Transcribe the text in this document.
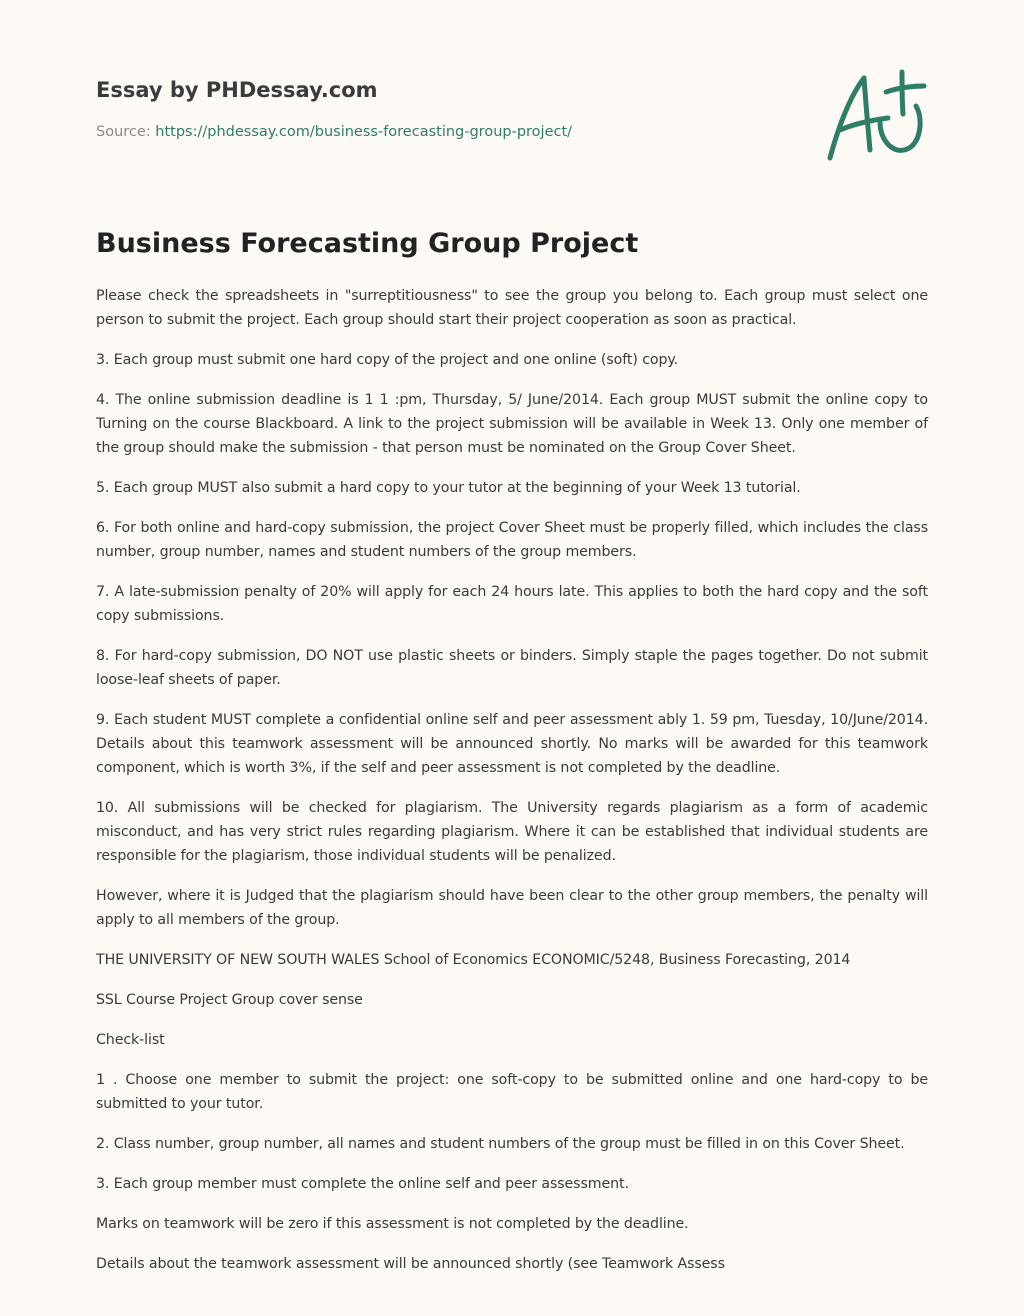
Essay by PHDessay.com
Source: https://phdessay.com/business-forecasting-group-project/
Business Forecasting Group Project

Please check the spreadsheets in "surreptitiousness" to see the group you belong to. Each group must select one person to submit the project. Each group should start their project cooperation as soon as practical.

3. Each group must submit one hard copy of the project and one online (soft) copy.

4. The online submission deadline is 1 1 :pm, Thursday, 5/ June/2014. Each group MUST submit the online copy to Turning on the course Blackboard. A link to the project submission will be available in Week 13. Only one member of the group should make the submission - that person must be nominated on the Group Cover Sheet.

5. Each group MUST also submit a hard copy to your tutor at the beginning of your Week 13 tutorial.

6. For both online and hard-copy submission, the project Cover Sheet must be properly filled, which includes the class number, group number, names and student numbers of the group members.

7. A late-submission penalty of 20% will apply for each 24 hours late. This applies to both the hard copy and the soft copy submissions.

8. For hard-copy submission, DO NOT use plastic sheets or binders. Simply staple the pages together. Do not submit loose-leaf sheets of paper.

9. Each student MUST complete a confidential online self and peer assessment ably 1. 59 pm, Tuesday, 10/June/2014. Details about this teamwork assessment will be announced shortly. No marks will be awarded for this teamwork component, which is worth 3%, if the self and peer assessment is not completed by the deadline.

10. All submissions will be checked for plagiarism. The University regards plagiarism as a form of academic misconduct, and has very strict rules regarding plagiarism. Where it can be established that individual students are responsible for the plagiarism, those individual students will be penalized.

However, where it is Judged that the plagiarism should have been clear to the other group members, the penalty will apply to all members of the group.

THE UNIVERSITY OF NEW SOUTH WALES School of Economics ECONOMIC/5248, Business Forecasting, 2014

SSL Course Project Group cover sense

Check-list

1 . Choose one member to submit the project: one soft-copy to be submitted online and one hard-copy to be submitted to your tutor.

2. Class number, group number, all names and student numbers of the group must be filled in on this Cover Sheet.

3. Each group member must complete the online self and peer assessment.

Marks on teamwork will be zero if this assessment is not completed by the deadline.

Details about the teamwork assessment will be announced shortly (see Teamwork Assess
